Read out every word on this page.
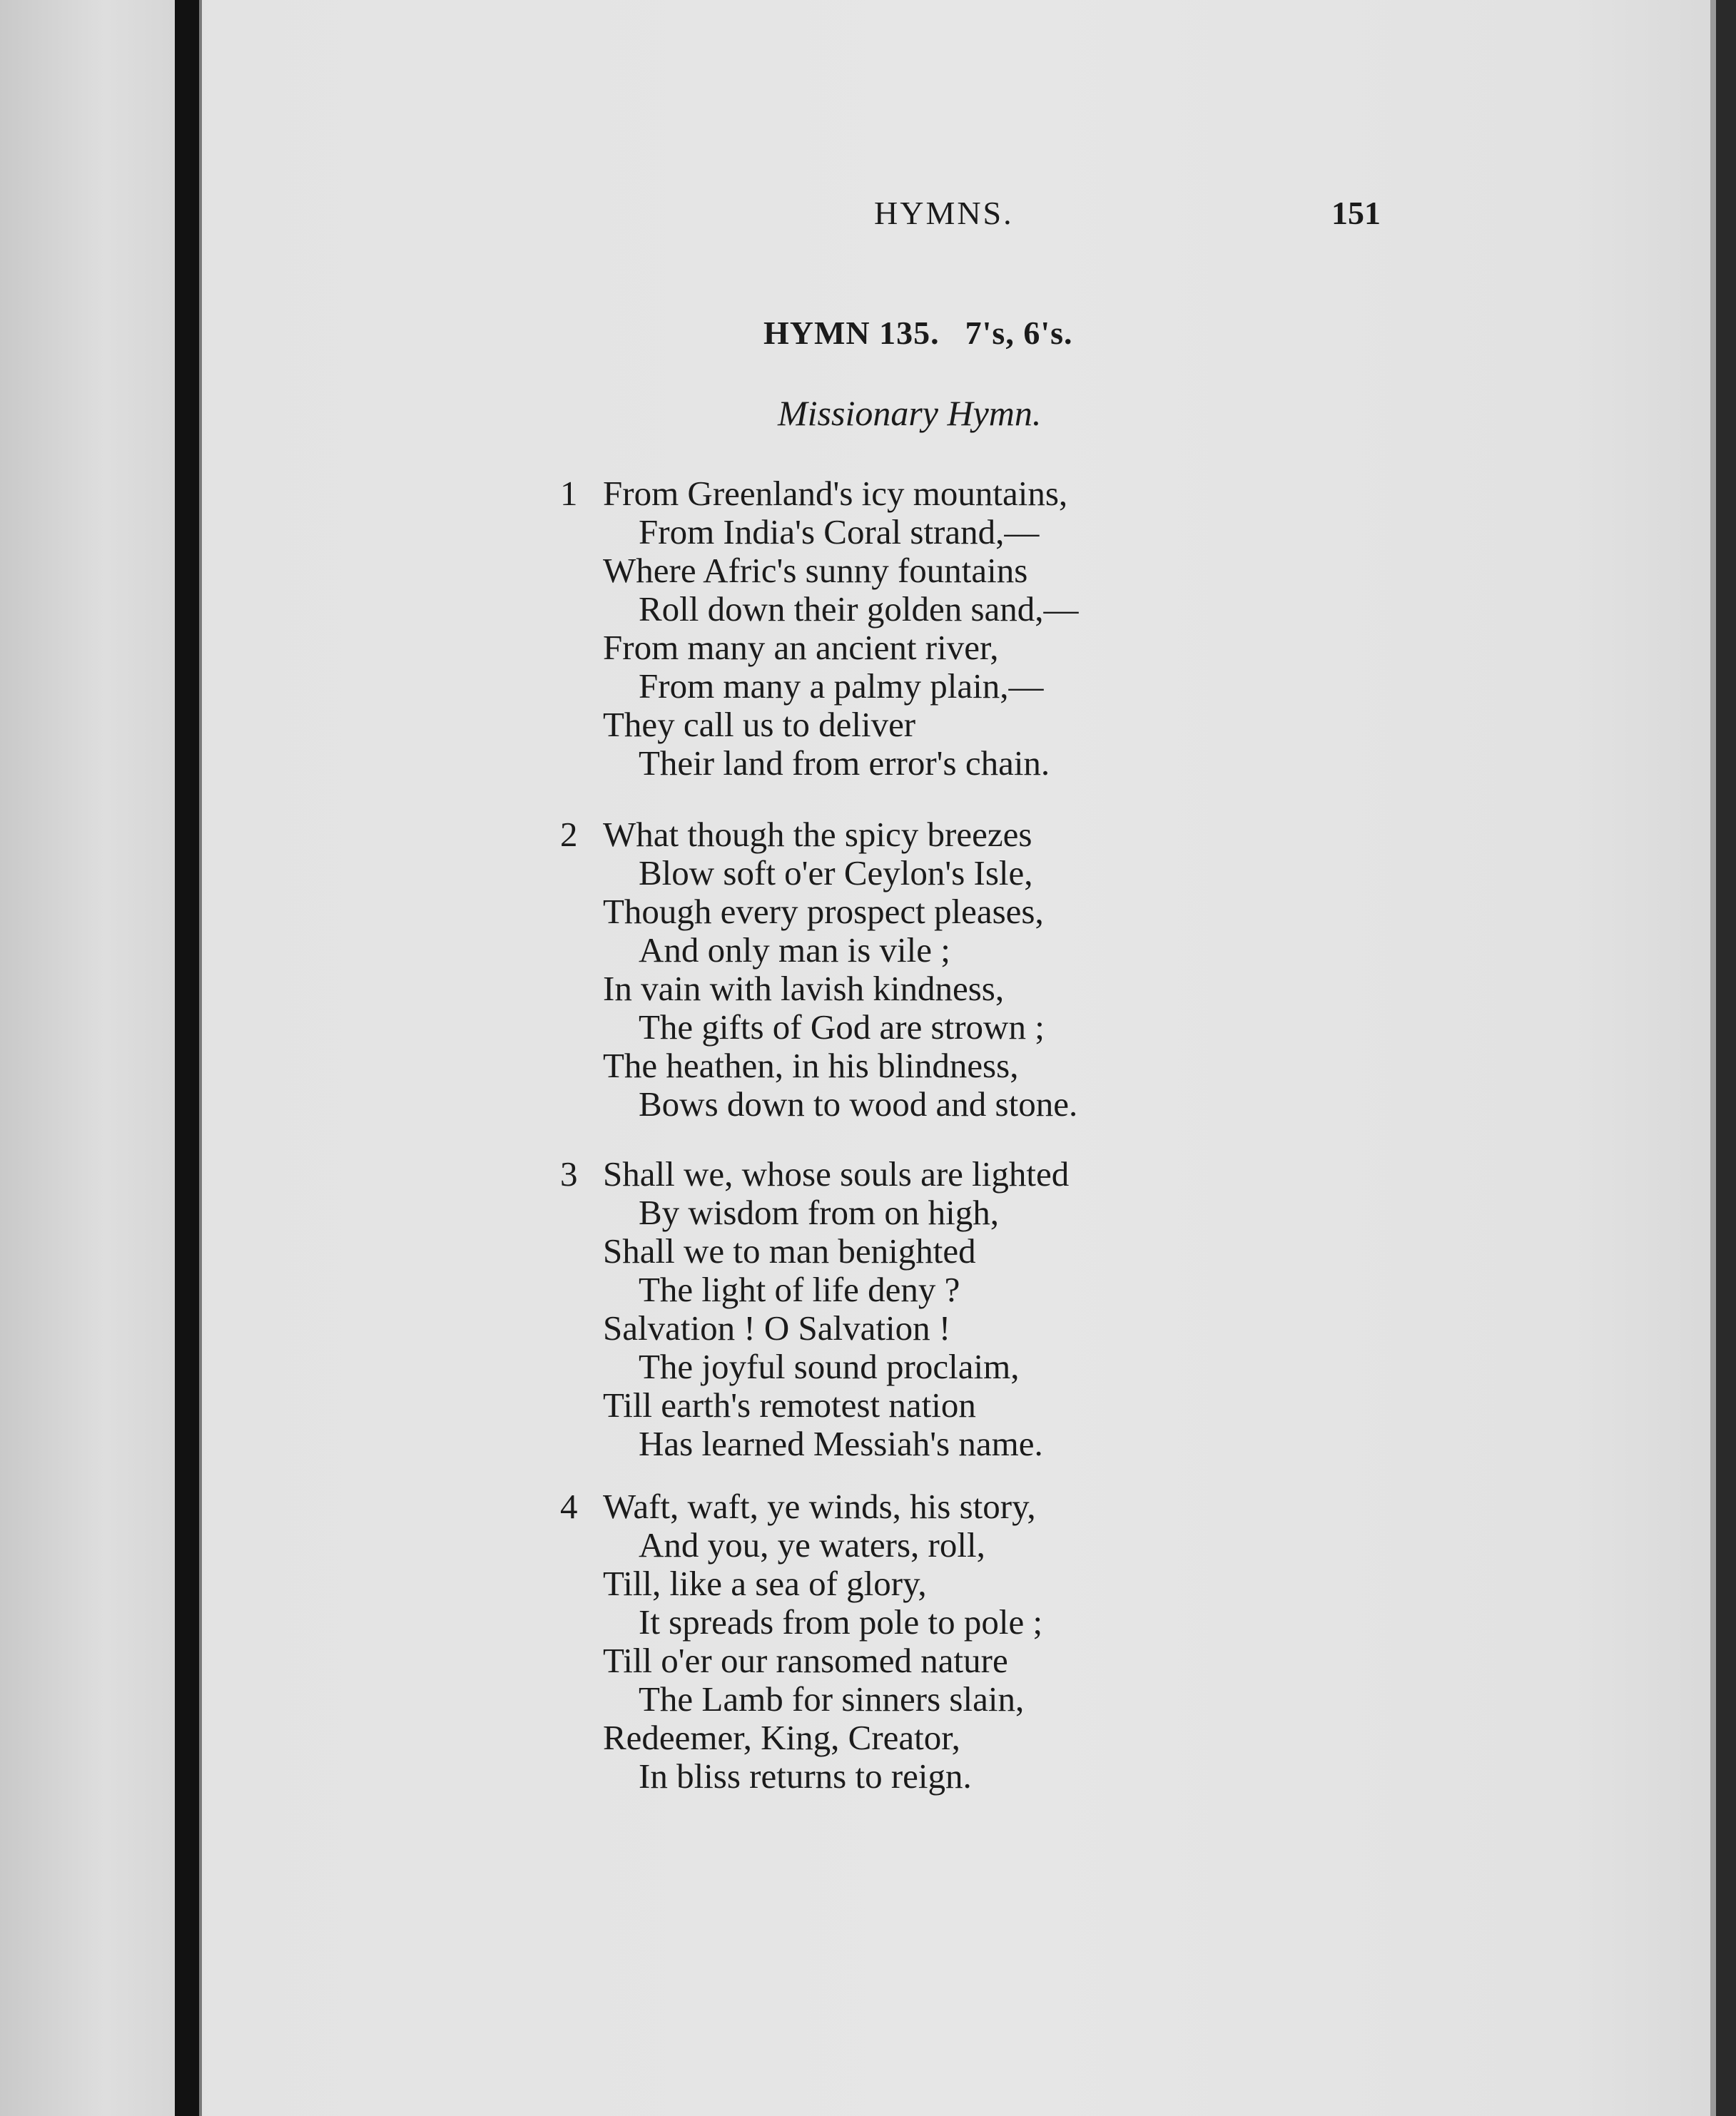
HYMNS.	151
HYMN 135. 7's, 6's.
Missionary Hymn.
1 From Greenland's icy mountains,
From India's Coral strand,—
Where Afric's sunny fountains
Roll down their golden sand,—
From many an ancient river,
From many a palmy plain,—
They call us to deliver
Their land from error's chain.
2 What though the spicy breezes
Blow soft o'er Ceylon's Isle,
Though every prospect pleases,
And only man is vile ;
In vain with lavish kindness,
The gifts of God are strown ;
The heathen, in his blindness,
Bows down to wood and stone.
3 Shall we, whose souls are lighted
By wisdom from on high,
Shall we to man benighted
The light of life deny ?
Salvation ! O Salvation !
The joyful sound proclaim,
Till earth's remotest nation
Has learned Messiah's name.
4 Waft, waft, ye winds, his story,
And you, ye waters, roll,
Till, like a sea of glory,
It spreads from pole to pole ;
Till o'er our ransomed nature
The Lamb for sinners slain,
Redeemer, King, Creator,
In bliss returns to reign.
